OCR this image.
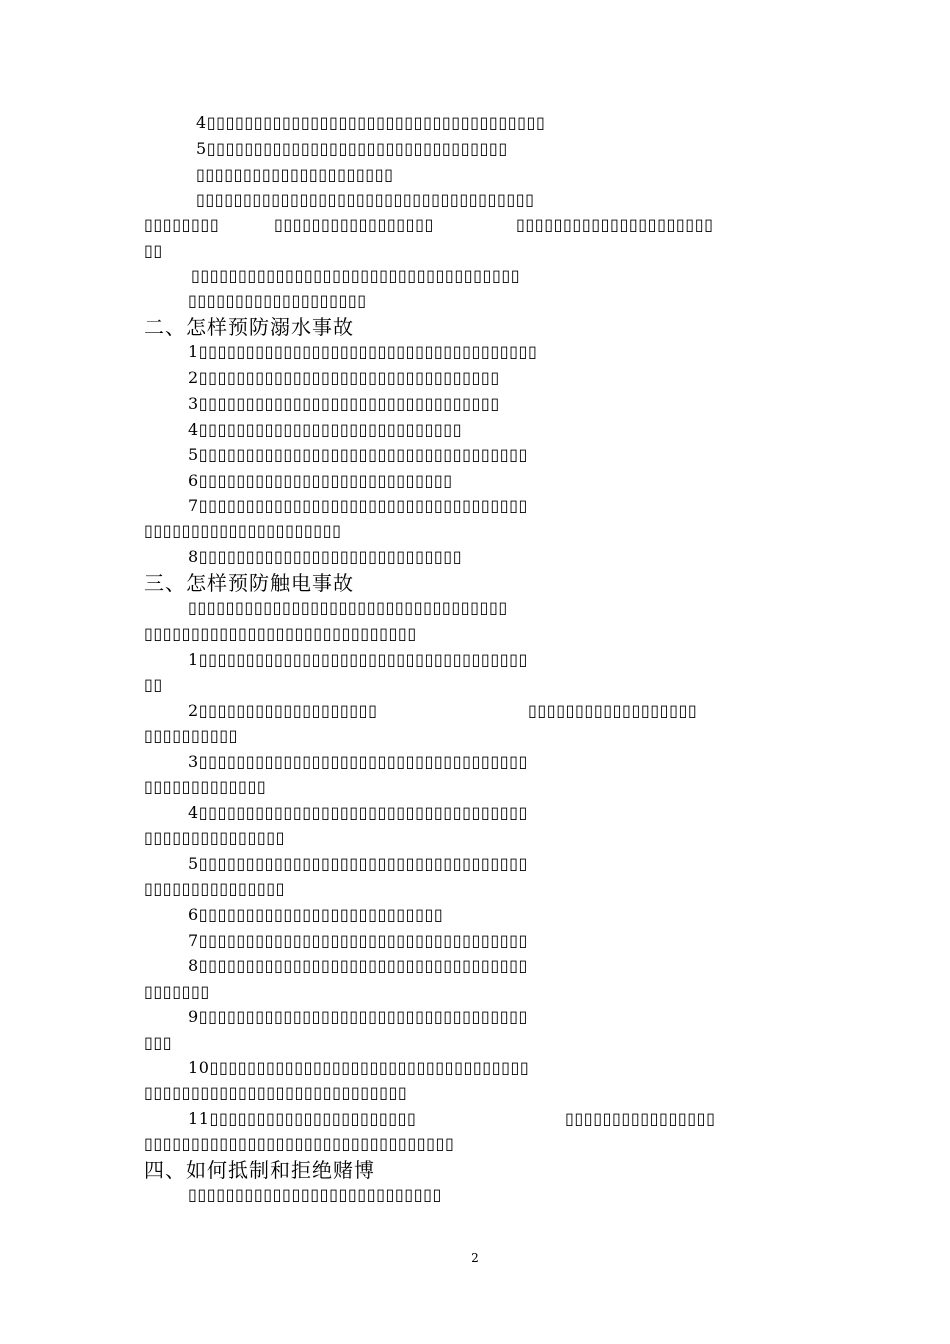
4▯▯▯▯▯▯▯▯▯▯▯▯▯▯▯▯▯▯▯▯▯▯▯▯▯▯▯▯▯▯▯▯▯▯▯▯
5▯▯▯▯▯▯▯▯▯▯▯▯▯▯▯▯▯▯▯▯▯▯▯▯▯▯▯▯▯▯▯▯
▯▯▯▯▯▯▯▯▯▯▯▯▯▯▯▯▯▯▯▯▯
▯▯▯▯▯▯▯▯▯▯▯▯▯▯▯▯▯▯▯▯▯▯▯▯▯▯▯▯▯▯▯▯▯▯▯▯
▯▯▯▯▯▯▯▯	▯▯▯▯▯▯▯▯▯▯▯▯▯▯▯▯▯	▯▯▯▯▯▯▯▯▯▯▯▯▯▯▯▯▯▯▯▯▯
▯▯
▯▯▯▯▯▯▯▯▯▯▯▯▯▯▯▯▯▯▯▯▯▯▯▯▯▯▯▯▯▯▯▯▯▯▯
▯▯▯▯▯▯▯▯▯▯▯▯▯▯▯▯▯▯▯
二、怎样预防溺水事故
1▯▯▯▯▯▯▯▯▯▯▯▯▯▯▯▯▯▯▯▯▯▯▯▯▯▯▯▯▯▯▯▯▯▯▯▯
2▯▯▯▯▯▯▯▯▯▯▯▯▯▯▯▯▯▯▯▯▯▯▯▯▯▯▯▯▯▯▯▯
3▯▯▯▯▯▯▯▯▯▯▯▯▯▯▯▯▯▯▯▯▯▯▯▯▯▯▯▯▯▯▯▯
4▯▯▯▯▯▯▯▯▯▯▯▯▯▯▯▯▯▯▯▯▯▯▯▯▯▯▯▯
5▯▯▯▯▯▯▯▯▯▯▯▯▯▯▯▯▯▯▯▯▯▯▯▯▯▯▯▯▯▯▯▯▯▯▯
6▯▯▯▯▯▯▯▯▯▯▯▯▯▯▯▯▯▯▯▯▯▯▯▯▯▯▯
7▯▯▯▯▯▯▯▯▯▯▯▯▯▯▯▯▯▯▯▯▯▯▯▯▯▯▯▯▯▯▯▯▯▯▯
▯▯▯▯▯▯▯▯▯▯▯▯▯▯▯▯▯▯▯▯▯
8▯▯▯▯▯▯▯▯▯▯▯▯▯▯▯▯▯▯▯▯▯▯▯▯▯▯▯▯
三、怎样预防触电事故
▯▯▯▯▯▯▯▯▯▯▯▯▯▯▯▯▯▯▯▯▯▯▯▯▯▯▯▯▯▯▯▯▯▯
▯▯▯▯▯▯▯▯▯▯▯▯▯▯▯▯▯▯▯▯▯▯▯▯▯▯▯▯▯
1▯▯▯▯▯▯▯▯▯▯▯▯▯▯▯▯▯▯▯▯▯▯▯▯▯▯▯▯▯▯▯▯▯▯▯
▯▯
2▯▯▯▯▯▯▯▯▯▯▯▯▯▯▯▯▯▯▯	▯▯▯▯▯▯▯▯▯▯▯▯▯▯▯▯▯▯
▯▯▯▯▯▯▯▯▯▯
3▯▯▯▯▯▯▯▯▯▯▯▯▯▯▯▯▯▯▯▯▯▯▯▯▯▯▯▯▯▯▯▯▯▯▯
▯▯▯▯▯▯▯▯▯▯▯▯▯
4▯▯▯▯▯▯▯▯▯▯▯▯▯▯▯▯▯▯▯▯▯▯▯▯▯▯▯▯▯▯▯▯▯▯▯
▯▯▯▯▯▯▯▯▯▯▯▯▯▯▯
5▯▯▯▯▯▯▯▯▯▯▯▯▯▯▯▯▯▯▯▯▯▯▯▯▯▯▯▯▯▯▯▯▯▯▯
▯▯▯▯▯▯▯▯▯▯▯▯▯▯▯
6▯▯▯▯▯▯▯▯▯▯▯▯▯▯▯▯▯▯▯▯▯▯▯▯▯▯
7▯▯▯▯▯▯▯▯▯▯▯▯▯▯▯▯▯▯▯▯▯▯▯▯▯▯▯▯▯▯▯▯▯▯▯
8▯▯▯▯▯▯▯▯▯▯▯▯▯▯▯▯▯▯▯▯▯▯▯▯▯▯▯▯▯▯▯▯▯▯▯
▯▯▯▯▯▯▯
9▯▯▯▯▯▯▯▯▯▯▯▯▯▯▯▯▯▯▯▯▯▯▯▯▯▯▯▯▯▯▯▯▯▯▯
▯▯▯
10▯▯▯▯▯▯▯▯▯▯▯▯▯▯▯▯▯▯▯▯▯▯▯▯▯▯▯▯▯▯▯▯▯▯
▯▯▯▯▯▯▯▯▯▯▯▯▯▯▯▯▯▯▯▯▯▯▯▯▯▯▯▯
11▯▯▯▯▯▯▯▯▯▯▯▯▯▯▯▯▯▯▯▯▯▯	▯▯▯▯▯▯▯▯▯▯▯▯▯▯▯▯
▯▯▯▯▯▯▯▯▯▯▯▯▯▯▯▯▯▯▯▯▯▯▯▯▯▯▯▯▯▯▯▯▯
四、如何抵制和拒绝赌博
▯▯▯▯▯▯▯▯▯▯▯▯▯▯▯▯▯▯▯▯▯▯▯▯▯▯▯
2
